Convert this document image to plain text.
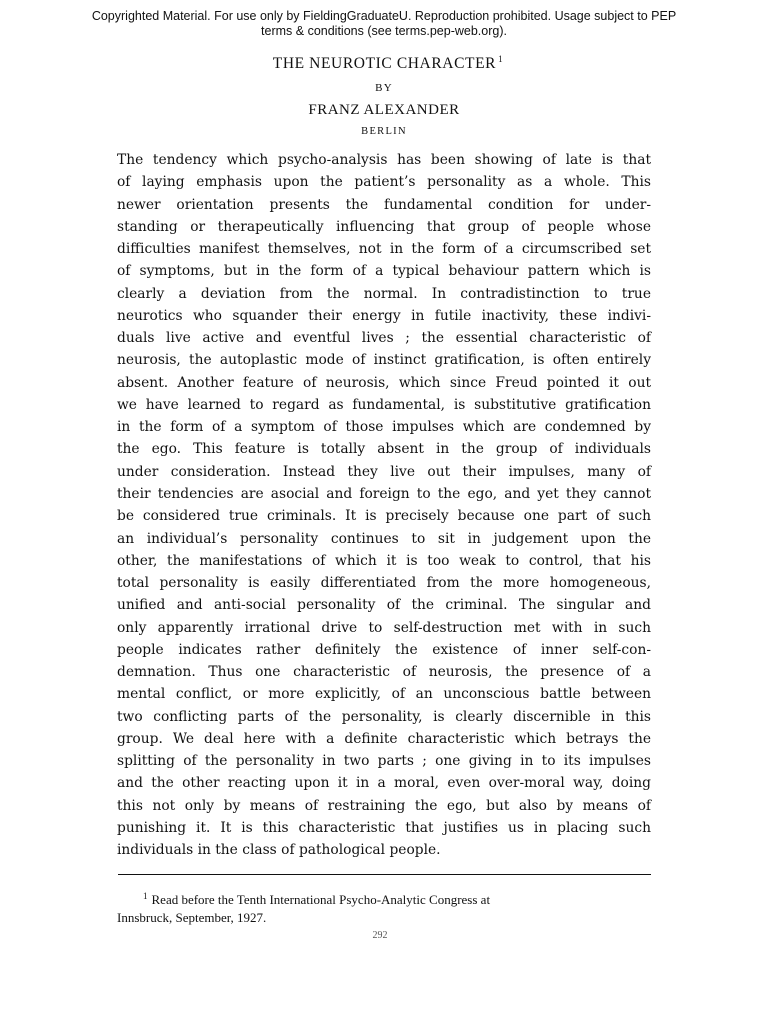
Copyrighted Material. For use only by FieldingGraduateU. Reproduction prohibited. Usage subject to PEP
terms & conditions (see terms.pep-web.org).
THE NEUROTIC CHARACTER $^1$
BY
FRANZ ALEXANDER
BERLIN
The tendency which psycho-analysis has been showing of late is that
of laying emphasis upon the patient’s personality as a whole. This
newer orientation presents the fundamental condition for under-
standing or therapeutically influencing that group of people whose
difficulties manifest themselves, not in the form of a circumscribed set
of symptoms, but in the form of a typical behaviour pattern which is
clearly a deviation from the normal. In contradistinction to true
neurotics who squander their energy in futile inactivity, these indivi-
duals live active and eventful lives ; the essential characteristic of
neurosis, the autoplastic mode of instinct gratification, is often entirely
absent. Another feature of neurosis, which since Freud pointed it out
we have learned to regard as fundamental, is substitutive gratification
in the form of a symptom of those impulses which are condemned by
the ego. This feature is totally absent in the group of individuals
under consideration. Instead they live out their impulses, many of
their tendencies are asocial and foreign to the ego, and yet they cannot
be considered true criminals. It is precisely because one part of such
an individual’s personality continues to sit in judgement upon the
other, the manifestations of which it is too weak to control, that his
total personality is easily differentiated from the more homogeneous,
unified and anti-social personality of the criminal. The singular and
only apparently irrational drive to self-destruction met with in such
people indicates rather definitely the existence of inner self-con-
demnation. Thus one characteristic of neurosis, the presence of a
mental conflict, or more explicitly, of an unconscious battle between
two conflicting parts of the personality, is clearly discernible in this
group. We deal here with a definite characteristic which betrays the
splitting of the personality in two parts ; one giving in to its impulses
and the other reacting upon it in a moral, even over-moral way, doing
this not only by means of restraining the ego, but also by means of
punishing it. It is this characteristic that justifies us in placing such
individuals in the class of pathological people.
$^1$ Read before the Tenth International Psycho-Analytic Congress at
Innsbruck, September, 1927.
292
